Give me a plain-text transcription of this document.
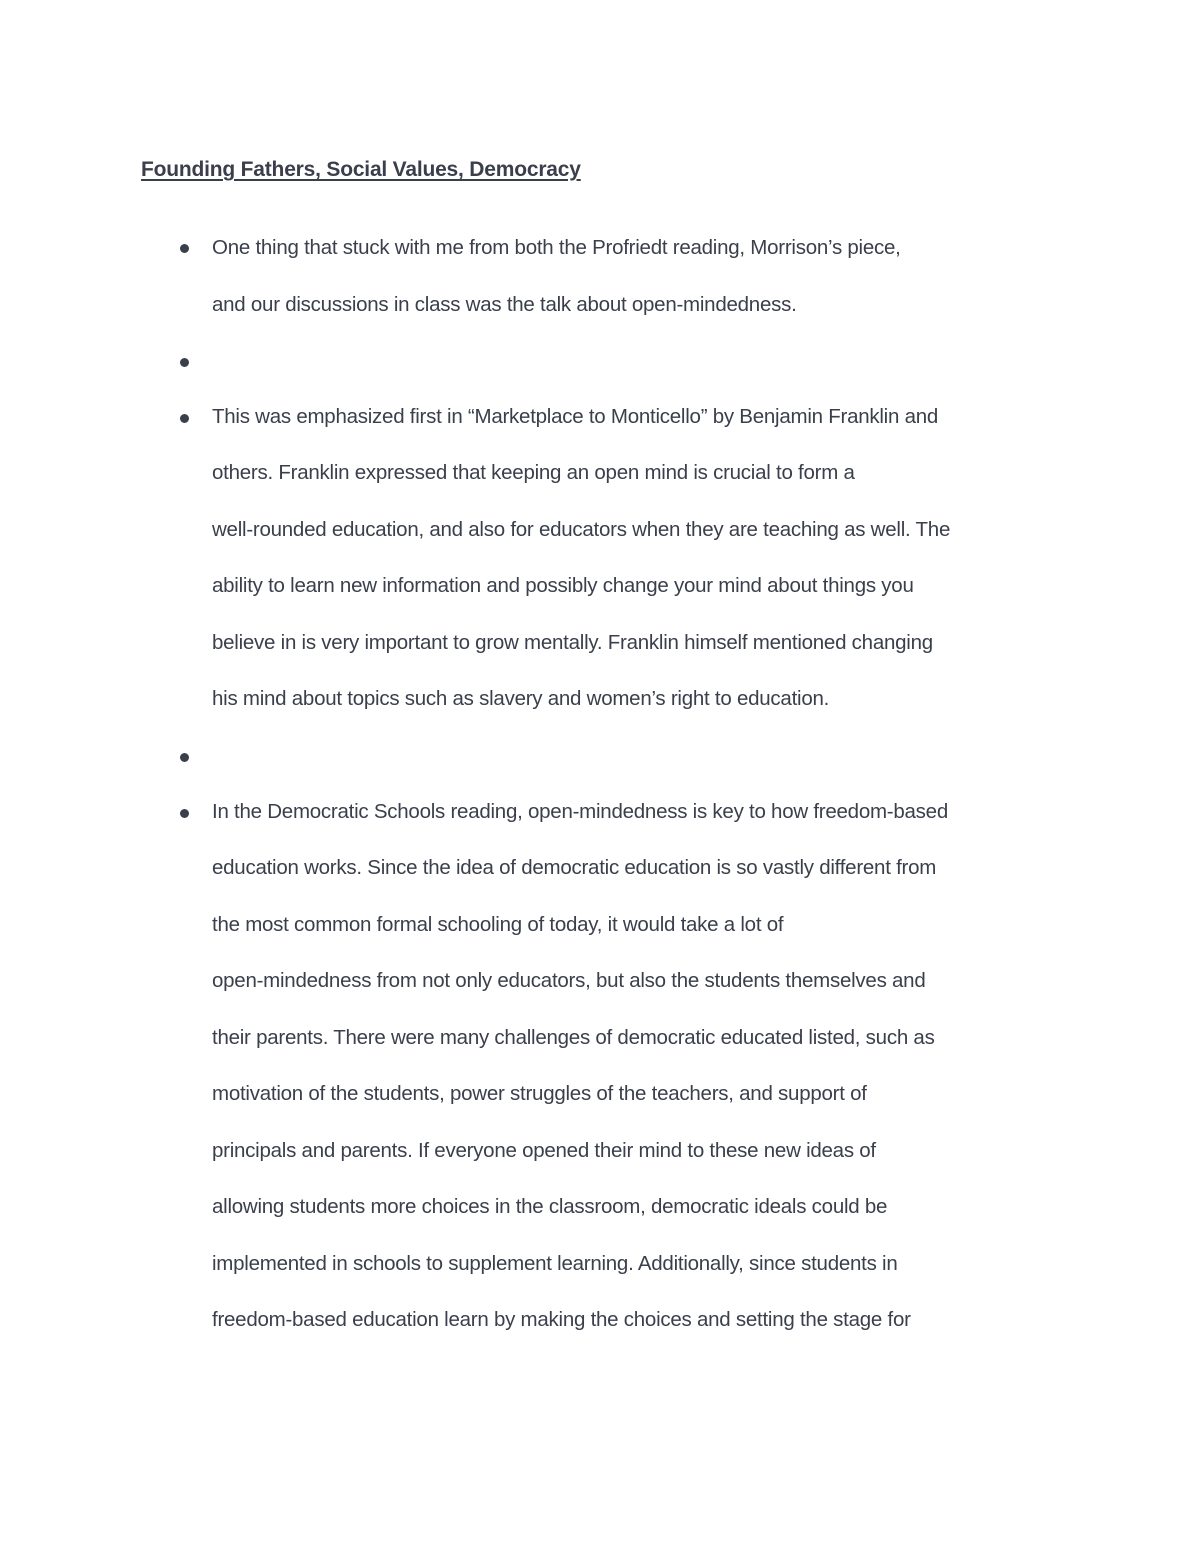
Founding Fathers, Social Values, Democracy
One thing that stuck with me from both the Profriedt reading, Morrison’s piece,
and our discussions in class was the talk about open-mindedness.
This was emphasized first in “Marketplace to Monticello” by Benjamin Franklin and
others. Franklin expressed that keeping an open mind is crucial to form a
well-rounded education, and also for educators when they are teaching as well. The
ability to learn new information and possibly change your mind about things you
believe in is very important to grow mentally. Franklin himself mentioned changing
his mind about topics such as slavery and women’s right to education.
In the Democratic Schools reading, open-mindedness is key to how freedom-based
education works. Since the idea of democratic education is so vastly different from
the most common formal schooling of today, it would take a lot of
open-mindedness from not only educators, but also the students themselves and
their parents. There were many challenges of democratic educated listed, such as
motivation of the students, power struggles of the teachers, and support of
principals and parents. If everyone opened their mind to these new ideas of
allowing students more choices in the classroom, democratic ideals could be
implemented in schools to supplement learning. Additionally, since students in
freedom-based education learn by making the choices and setting the stage for
